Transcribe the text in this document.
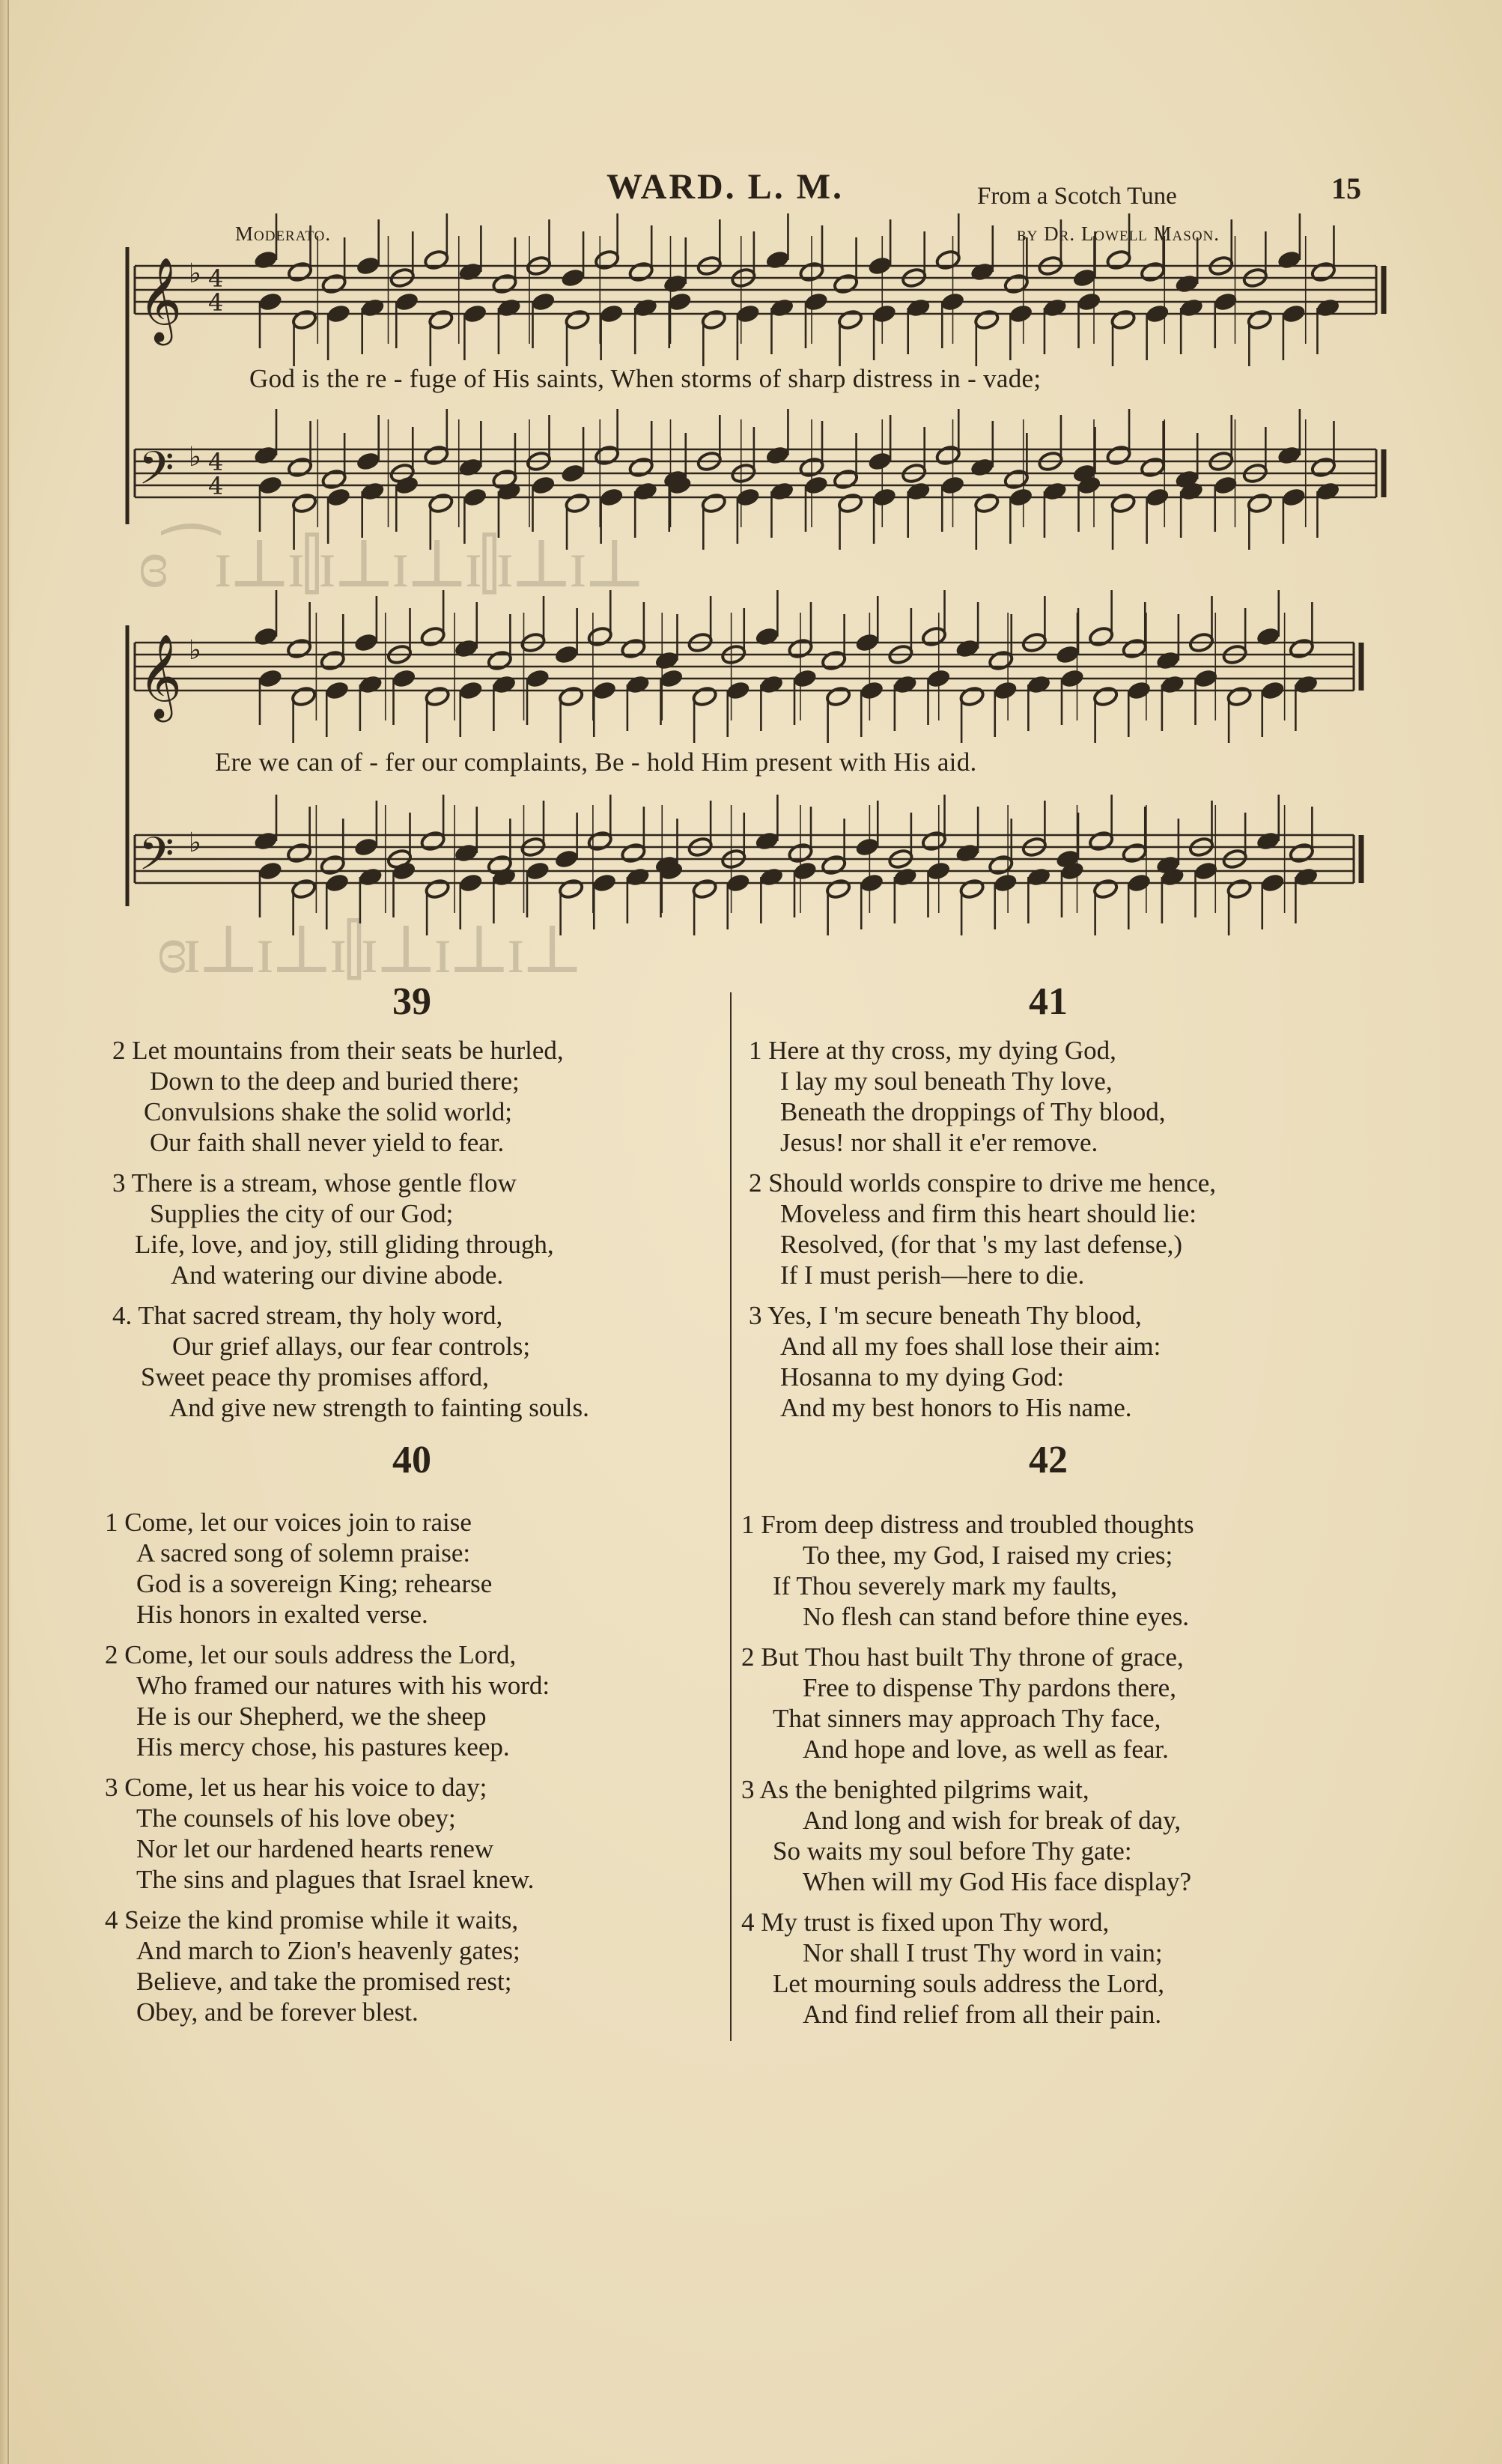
WARD. L. M.	From a Scotch Tune	15
Moderato.	by Dr. Lowell Mason.
𝄞 ♭ 4
4
𝄢 ♭ 4
4
𝄞 ♭
𝄢 ♭
ɞ⁀ɪ⊥ɪ⫿ɪ⊥ɪ⊥ɪ⫿ɪ⊥ɪ⊥
ɞɪ⊥ɪ⊥ɪ⫿ɪ⊥ɪ⊥ɪ⊥
God is the re - fuge of His saints, When storms of sharp distress in - vade;
Ere we can of - fer our complaints, Be - hold Him present with His aid.
39
40
41
42
2 Let mountains from their seats be hurled,
Down to the deep and buried there;
Convulsions shake the solid world;
Our faith shall never yield to fear.
3 There is a stream, whose gentle flow
Supplies the city of our God;
Life, love, and joy, still gliding through,
And watering our divine abode.
4. That sacred stream, thy holy word,
Our grief allays, our fear controls;
Sweet peace thy promises afford,
And give new strength to fainting souls.
1 Come, let our voices join to raise
A sacred song of solemn praise:
God is a sovereign King; rehearse
His honors in exalted verse.
2 Come, let our souls address the Lord,
Who framed our natures with his word:
He is our Shepherd, we the sheep
His mercy chose, his pastures keep.
3 Come, let us hear his voice to day;
The counsels of his love obey;
Nor let our hardened hearts renew
The sins and plagues that Israel knew.
4 Seize the kind promise while it waits,
And march to Zion's heavenly gates;
Believe, and take the promised rest;
Obey, and be forever blest.
1 Here at thy cross, my dying God,
I lay my soul beneath Thy love,
Beneath the droppings of Thy blood,
Jesus! nor shall it e'er remove.
2 Should worlds conspire to drive me hence,
Moveless and firm this heart should lie:
Resolved, (for that 's my last defense,)
If I must perish—here to die.
3 Yes, I 'm secure beneath Thy blood,
And all my foes shall lose their aim:
Hosanna to my dying God:
And my best honors to His name.
1 From deep distress and troubled thoughts
To thee, my God, I raised my cries;
If Thou severely mark my faults,
No flesh can stand before thine eyes.
2 But Thou hast built Thy throne of grace,
Free to dispense Thy pardons there,
That sinners may approach Thy face,
And hope and love, as well as fear.
3 As the benighted pilgrims wait,
And long and wish for break of day,
So waits my soul before Thy gate:
When will my God His face display?
4 My trust is fixed upon Thy word,
Nor shall I trust Thy word in vain;
Let mourning souls address the Lord,
And find relief from all their pain.
